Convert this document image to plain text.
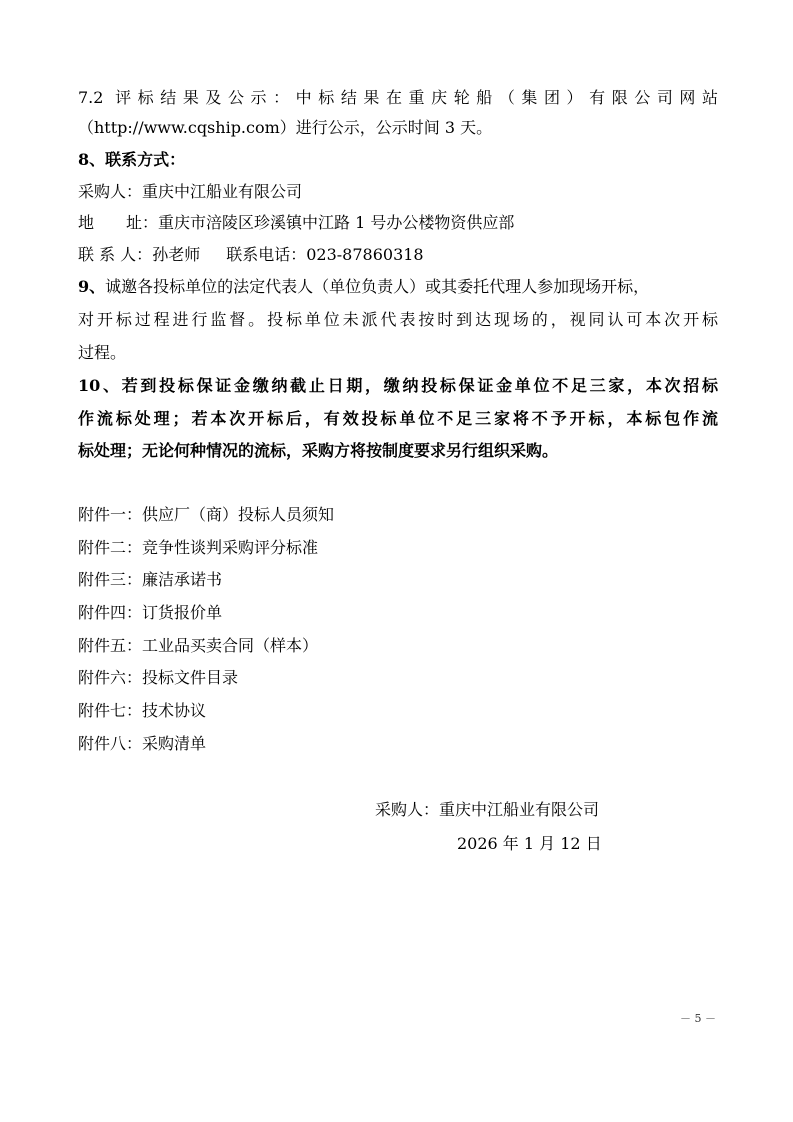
7.2 评标结果及公示：中标结果在重庆轮船（集团）有限公司网站
（http://www.cqship.com）进行公示，公示时间 3 天。
8、联系方式：
采购人：重庆中江船业有限公司
地　　址：重庆市涪陵区珍溪镇中江路 1 号办公楼物资供应部
联 系 人：孙老师 联系电话：023-87860318
9、诚邀各投标单位的法定代表人（单位负责人）或其委托代理人参加现场开标，
对开标过程进行监督。投标单位未派代表按时到达现场的，视同认可本次开标
过程。
10、若到投标保证金缴纳截止日期，缴纳投标保证金单位不足三家，本次招标
作流标处理；若本次开标后，有效投标单位不足三家将不予开标，本标包作流
标处理；无论何种情况的流标，采购方将按制度要求另行组织采购。
附件一：供应厂（商）投标人员须知
附件二：竞争性谈判采购评分标准
附件三：廉洁承诺书
附件四：订货报价单
附件五：工业品买卖合同（样本）
附件六：投标文件目录
附件七：技术协议
附件八：采购清单
采购人：重庆中江船业有限公司
2026 年 1 月 12 日
－ 5 －
